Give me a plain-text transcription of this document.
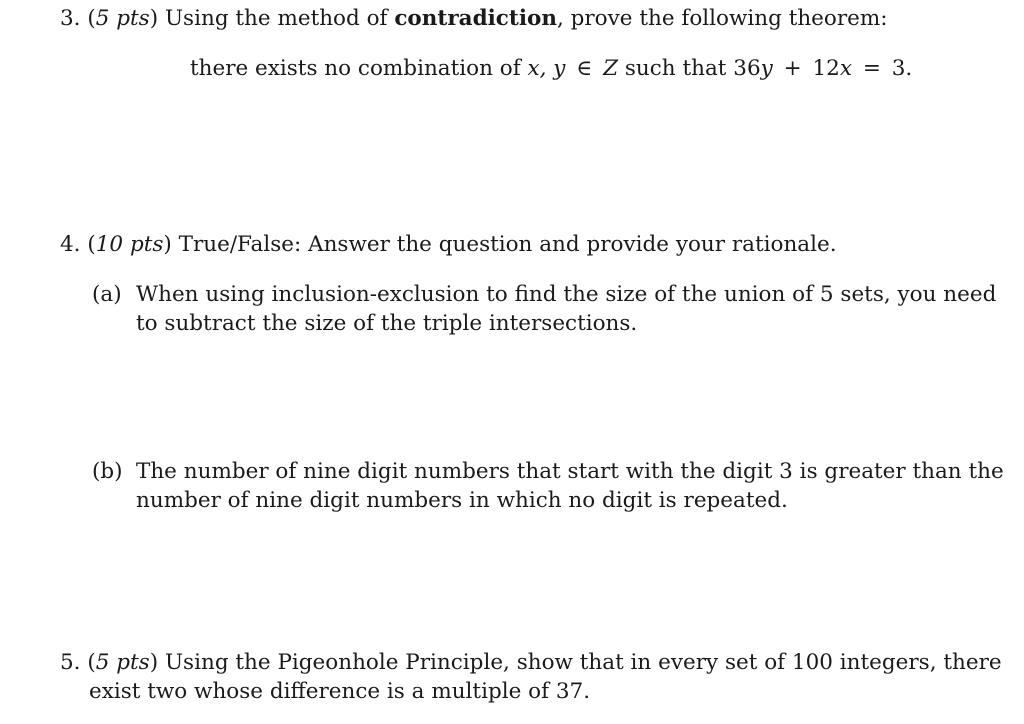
3. (5 pts) Using the method of contradiction, prove the following theorem:

there exists no combination of x, y ∈ Z such that 36y + 12x = 3.

4. (10 pts) True/False: Answer the question and provide your rationale.

(a) When using inclusion-exclusion to find the size of the union of 5 sets, you need

to subtract the size of the triple intersections.

(b) The number of nine digit numbers that start with the digit 3 is greater than the

number of nine digit numbers in which no digit is repeated.

5. (5 pts) Using the Pigeonhole Principle, show that in every set of 100 integers, there

exist two whose difference is a multiple of 37.
